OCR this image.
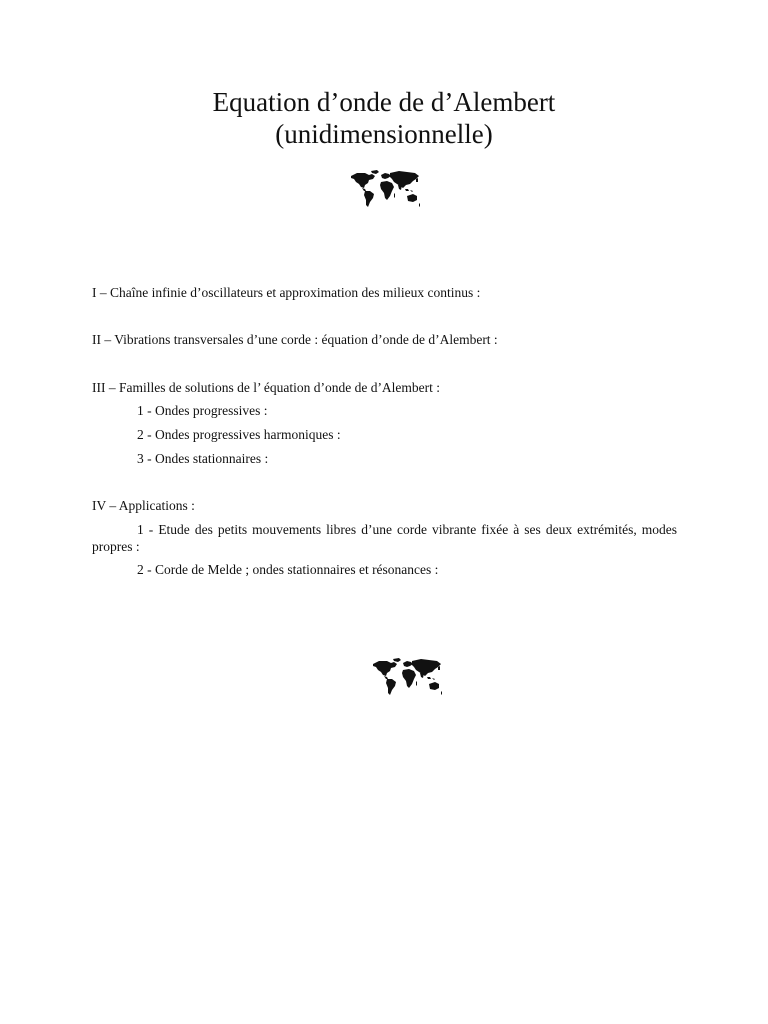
Equation d’onde de d’Alembert
(unidimensionnelle)
I – Chaîne infinie d’oscillateurs et approximation des milieux continus :
II – Vibrations transversales d’une corde : équation d’onde de d’Alembert :
III – Familles de solutions de l’ équation d’onde de d’Alembert :
1 - Ondes progressives :
2 - Ondes progressives harmoniques :
3 - Ondes stationnaires :
IV – Applications :
1 - Etude des petits mouvements libres d’une corde vibrante fixée à ses deux extrémités, modes propres :
2 - Corde de Melde ; ondes stationnaires et résonances :
